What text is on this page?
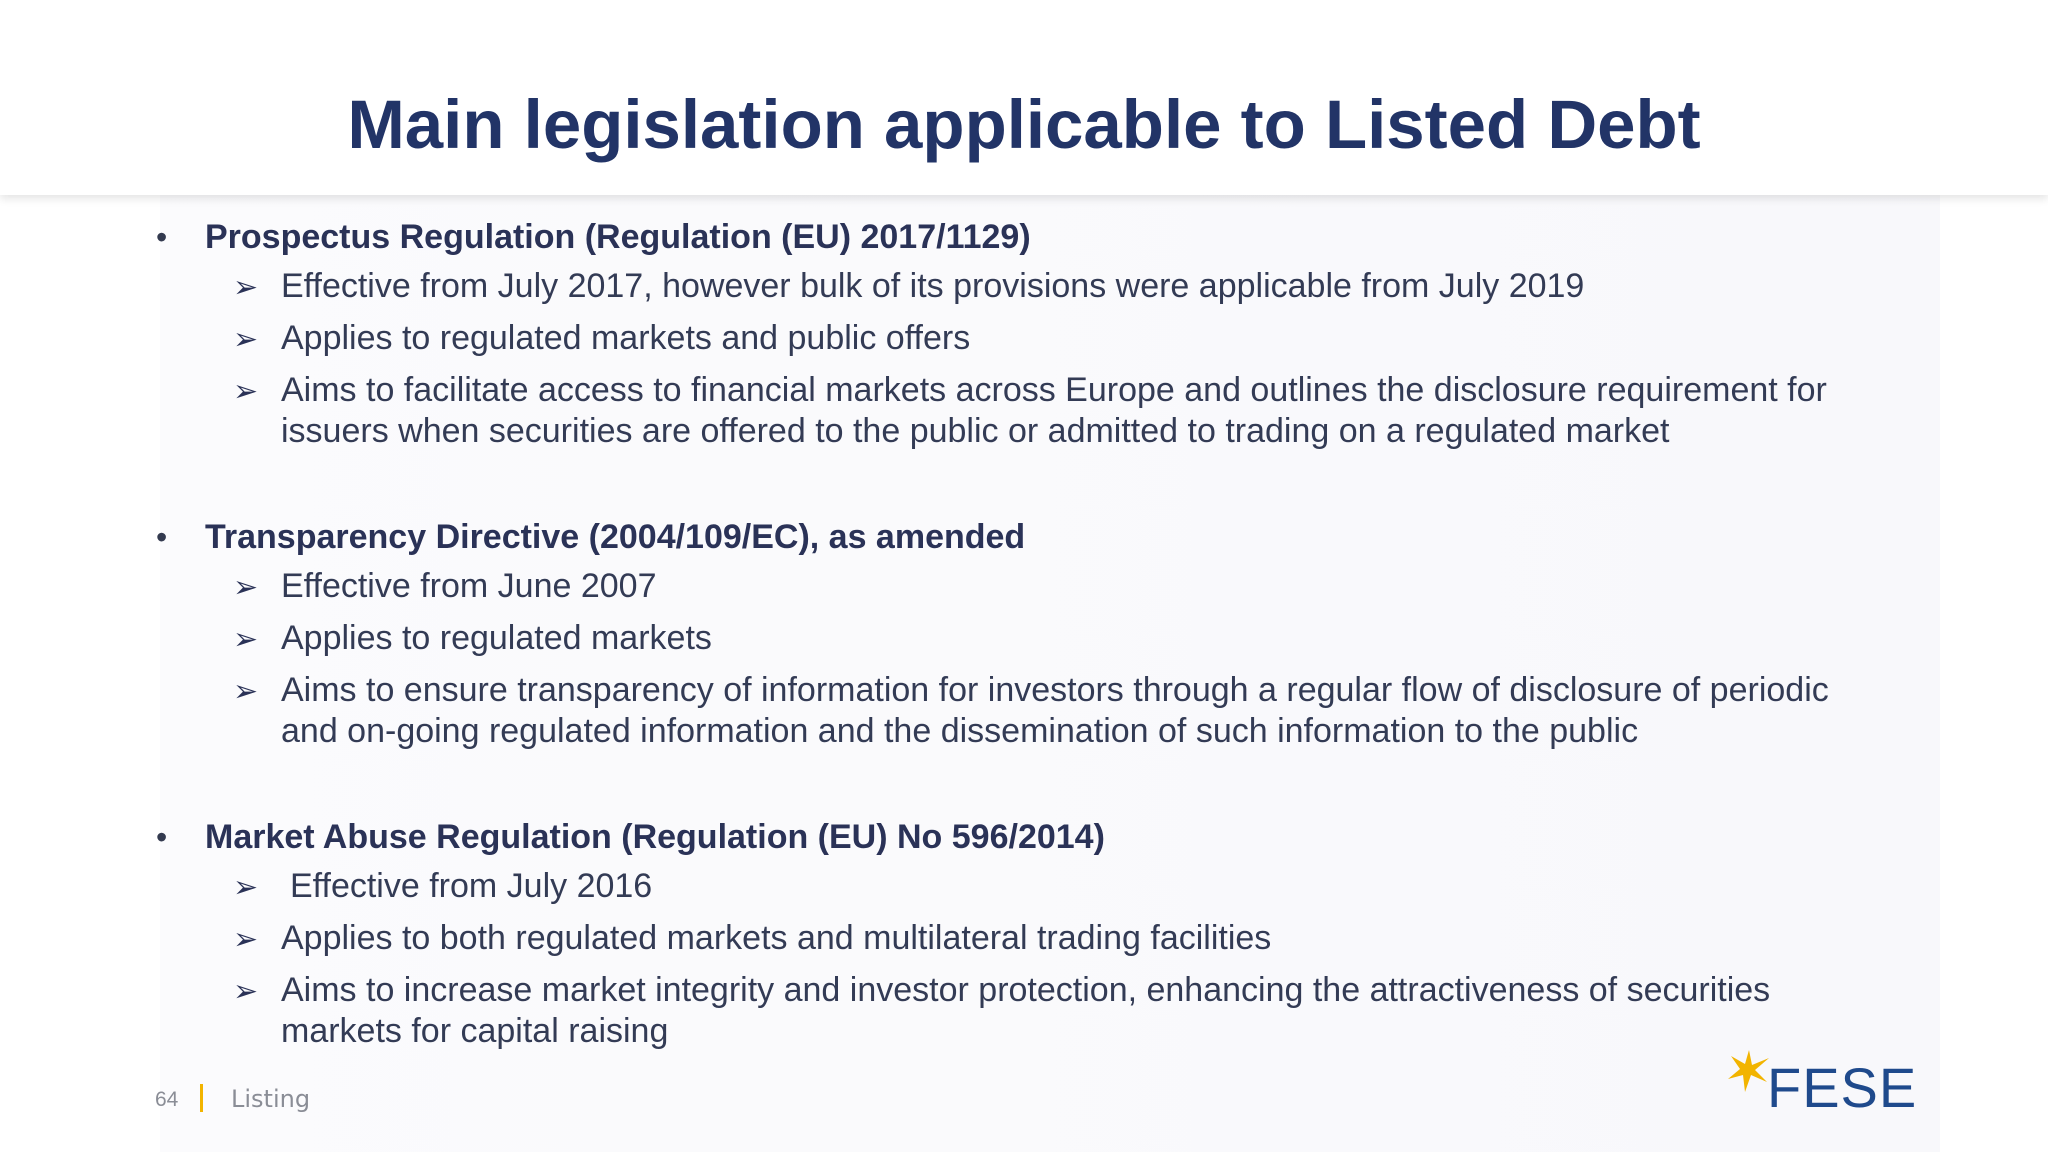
Main legislation applicable to Listed Debt
• Prospectus Regulation (Regulation (EU) 2017/1129)
➢ Effective from July 2017, however bulk of its provisions were applicable from July 2019

➢ Applies to regulated markets and public offers

➢ Aims to facilitate access to financial markets across Europe and outlines the disclosure requirement for
issuers when securities are offered to the public or admitted to trading on a regulated market

• Transparency Directive (2004/109/EC), as amended
➢ Effective from June 2007

➢ Applies to regulated markets

➢ Aims to ensure transparency of information for investors through a regular flow of disclosure of periodic
and on-going regulated information and the dissemination of such information to the public

• Market Abuse Regulation (Regulation (EU) No 596/2014)
➢ Effective from July 2016

➢ Applies to both regulated markets and multilateral trading facilities

➢ Aims to increase market integrity and investor protection, enhancing the attractiveness of securities
markets for capital raising

64 Listing	FESE
